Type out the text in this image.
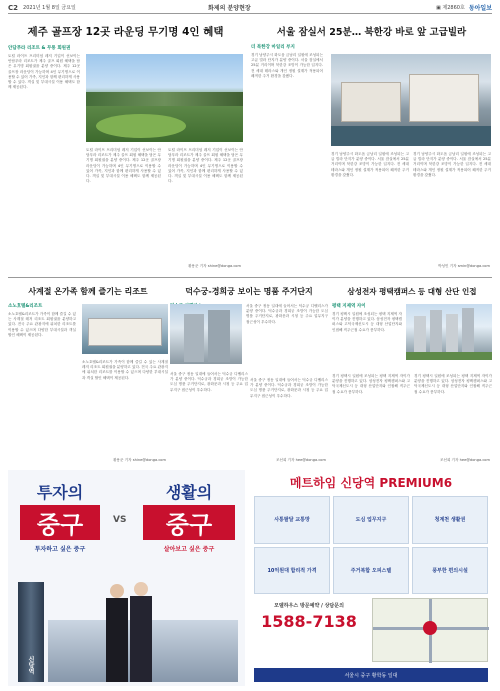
C2 2021년 1월 8일 금요일	화제의 분양현장	▣ 제2860호 동아일보
제주 골프장 12곳 라운딩 무기명 4인 혜택
안담푸라 리조트 & 무통 회원권
토털 라이프 프리미엄 레저 기업이 선보이는 안담푸라 리조트가 제주 골프 회원 혜택을 담은 무기명 회원권을 분양 중이다. 제주 12곳 골프장 라운딩이 가능하며 4인 무기명으로 이용할 수 있어 가족, 지인과 함께 편리하게 사용할 수 있다. 객실 및 부대시설 이용 혜택도 함께 제공된다.
토털 라이프 프리미엄 레저 기업이 선보이는 안담푸라 리조트가 제주 골프 회원 혜택을 담은 무기명 회원권을 분양 중이다. 제주 12곳 골프장 라운딩이 가능하며 4인 무기명으로 이용할 수 있어 가족, 지인과 함께 편리하게 사용할 수 있다. 객실 및 부대시설 이용 혜택도 함께 제공된다.
토털 라이프 프리미엄 레저 기업이 선보이는 안담푸라 리조트가 제주 골프 회원 혜택을 담은 무기명 회원권을 분양 중이다. 제주 12곳 골프장 라운딩이 가능하며 4인 무기명으로 이용할 수 있어 가족, 지인과 함께 편리하게 사용할 수 있다. 객실 및 부대시설 이용 혜택도 함께 제공된다.
황용준 기자 shine@donga.com
서울 잠실서 25분… 북한강 바로 앞 고급빌라
더 북한강 마일리 부지
경기 남양주시 화도읍 금남리 일원에 조성되는 고급 빌라 단지가 분양 중이다. 서울 잠실에서 25분 거리이며 북한강 조망이 가능한 입지다. 전 세대 테라스와 개인 정원 설계가 적용되어 쾌적한 주거 환경을 갖췄다.
경기 남양주시 화도읍 금남리 일원에 조성되는 고급 빌라 단지가 분양 중이다. 서울 잠실에서 25분 거리이며 북한강 조망이 가능한 입지다. 전 세대 테라스와 개인 정원 설계가 적용되어 쾌적한 주거 환경을 갖췄다.
경기 남양주시 화도읍 금남리 일원에 조성되는 고급 빌라 단지가 분양 중이다. 서울 잠실에서 25분 거리이며 북한강 조망이 가능한 입지다. 전 세대 테라스와 개인 정원 설계가 적용되어 쾌적한 주거 환경을 갖췄다.
박성민 기자 smin@donga.com
사계절 온가족 함께 즐기는 리조트
소노호텔&리조트
소노호텔&리조트가 가족이 함께 즐길 수 있는 사계절 레저 리조트 회원권을 분양하고 있다. 전국 주요 관광지에 위치한 리조트를 이용할 수 있으며 다양한 부대시설과 객실 할인 혜택이 제공된다.
소노호텔&리조트가 가족이 함께 즐길 수 있는 사계절 레저 리조트 회원권을 분양하고 있다. 전국 주요 관광지에 위치한 리조트를 이용할 수 있으며 다양한 부대시설과 객실 할인 혜택이 제공된다.
황용준 기자 shine@donga.com
덕수궁-경희궁 보이는 명품 주거단지
서울 중구 정동 일대에 들어서는 덕수궁 디팰리스가 분양 중이다. 덕수궁과 경희궁 조망이 가능한 도심 명품 주거단지로, 광화문과 시청 등 주요 업무지구 접근성이 우수하다.
서울 중구 정동 일대에 들어서는 덕수궁 디팰리스가 분양 중이다. 덕수궁과 경희궁 조망이 가능한 도심 명품 주거단지로, 광화문과 시청 등 주요 업무지구 접근성이 우수하다.
서울 중구 정동 일대에 들어서는 덕수궁 디팰리스가 분양 중이다. 덕수궁과 경희궁 조망이 가능한 도심 명품 주거단지로, 광화문과 시청 등 주요 업무지구 접근성이 우수하다.
조선희 기자 hee@donga.com
삼성전자 평택캠퍼스 등 대형 산단 인접
평택 지제역 자이
경기 평택시 일원에 조성되는 평택 지제역 자이가 분양을 진행하고 있다. 삼성전자 평택캠퍼스와 고덕국제신도시 등 대형 산업단지와 인접해 직주근접 수요가 풍부하다.
경기 평택시 일원에 조성되는 평택 지제역 자이가 분양을 진행하고 있다. 삼성전자 평택캠퍼스와 고덕국제신도시 등 대형 산업단지와 인접해 직주근접 수요가 풍부하다.
경기 평택시 일원에 조성되는 평택 지제역 자이가 분양을 진행하고 있다. 삼성전자 평택캠퍼스와 고덕국제신도시 등 대형 산업단지와 인접해 직주근접 수요가 풍부하다.
조선희 기자 hee@donga.com
투자의
중구
투자하고 싶은 중구
VS
생활의
중구
살아보고 싶은 중구
신당역
메트하임 신당역 PREMIUM6
사통팔달 교통망	도심 업무지구	청계천 생활권
10억원대 합리적 가격	주거복합 오피스텔	풍부한 편의시설
모델하우스 방문예약 / 상담문의
1588-7138
서울시 중구 황학동 일대
